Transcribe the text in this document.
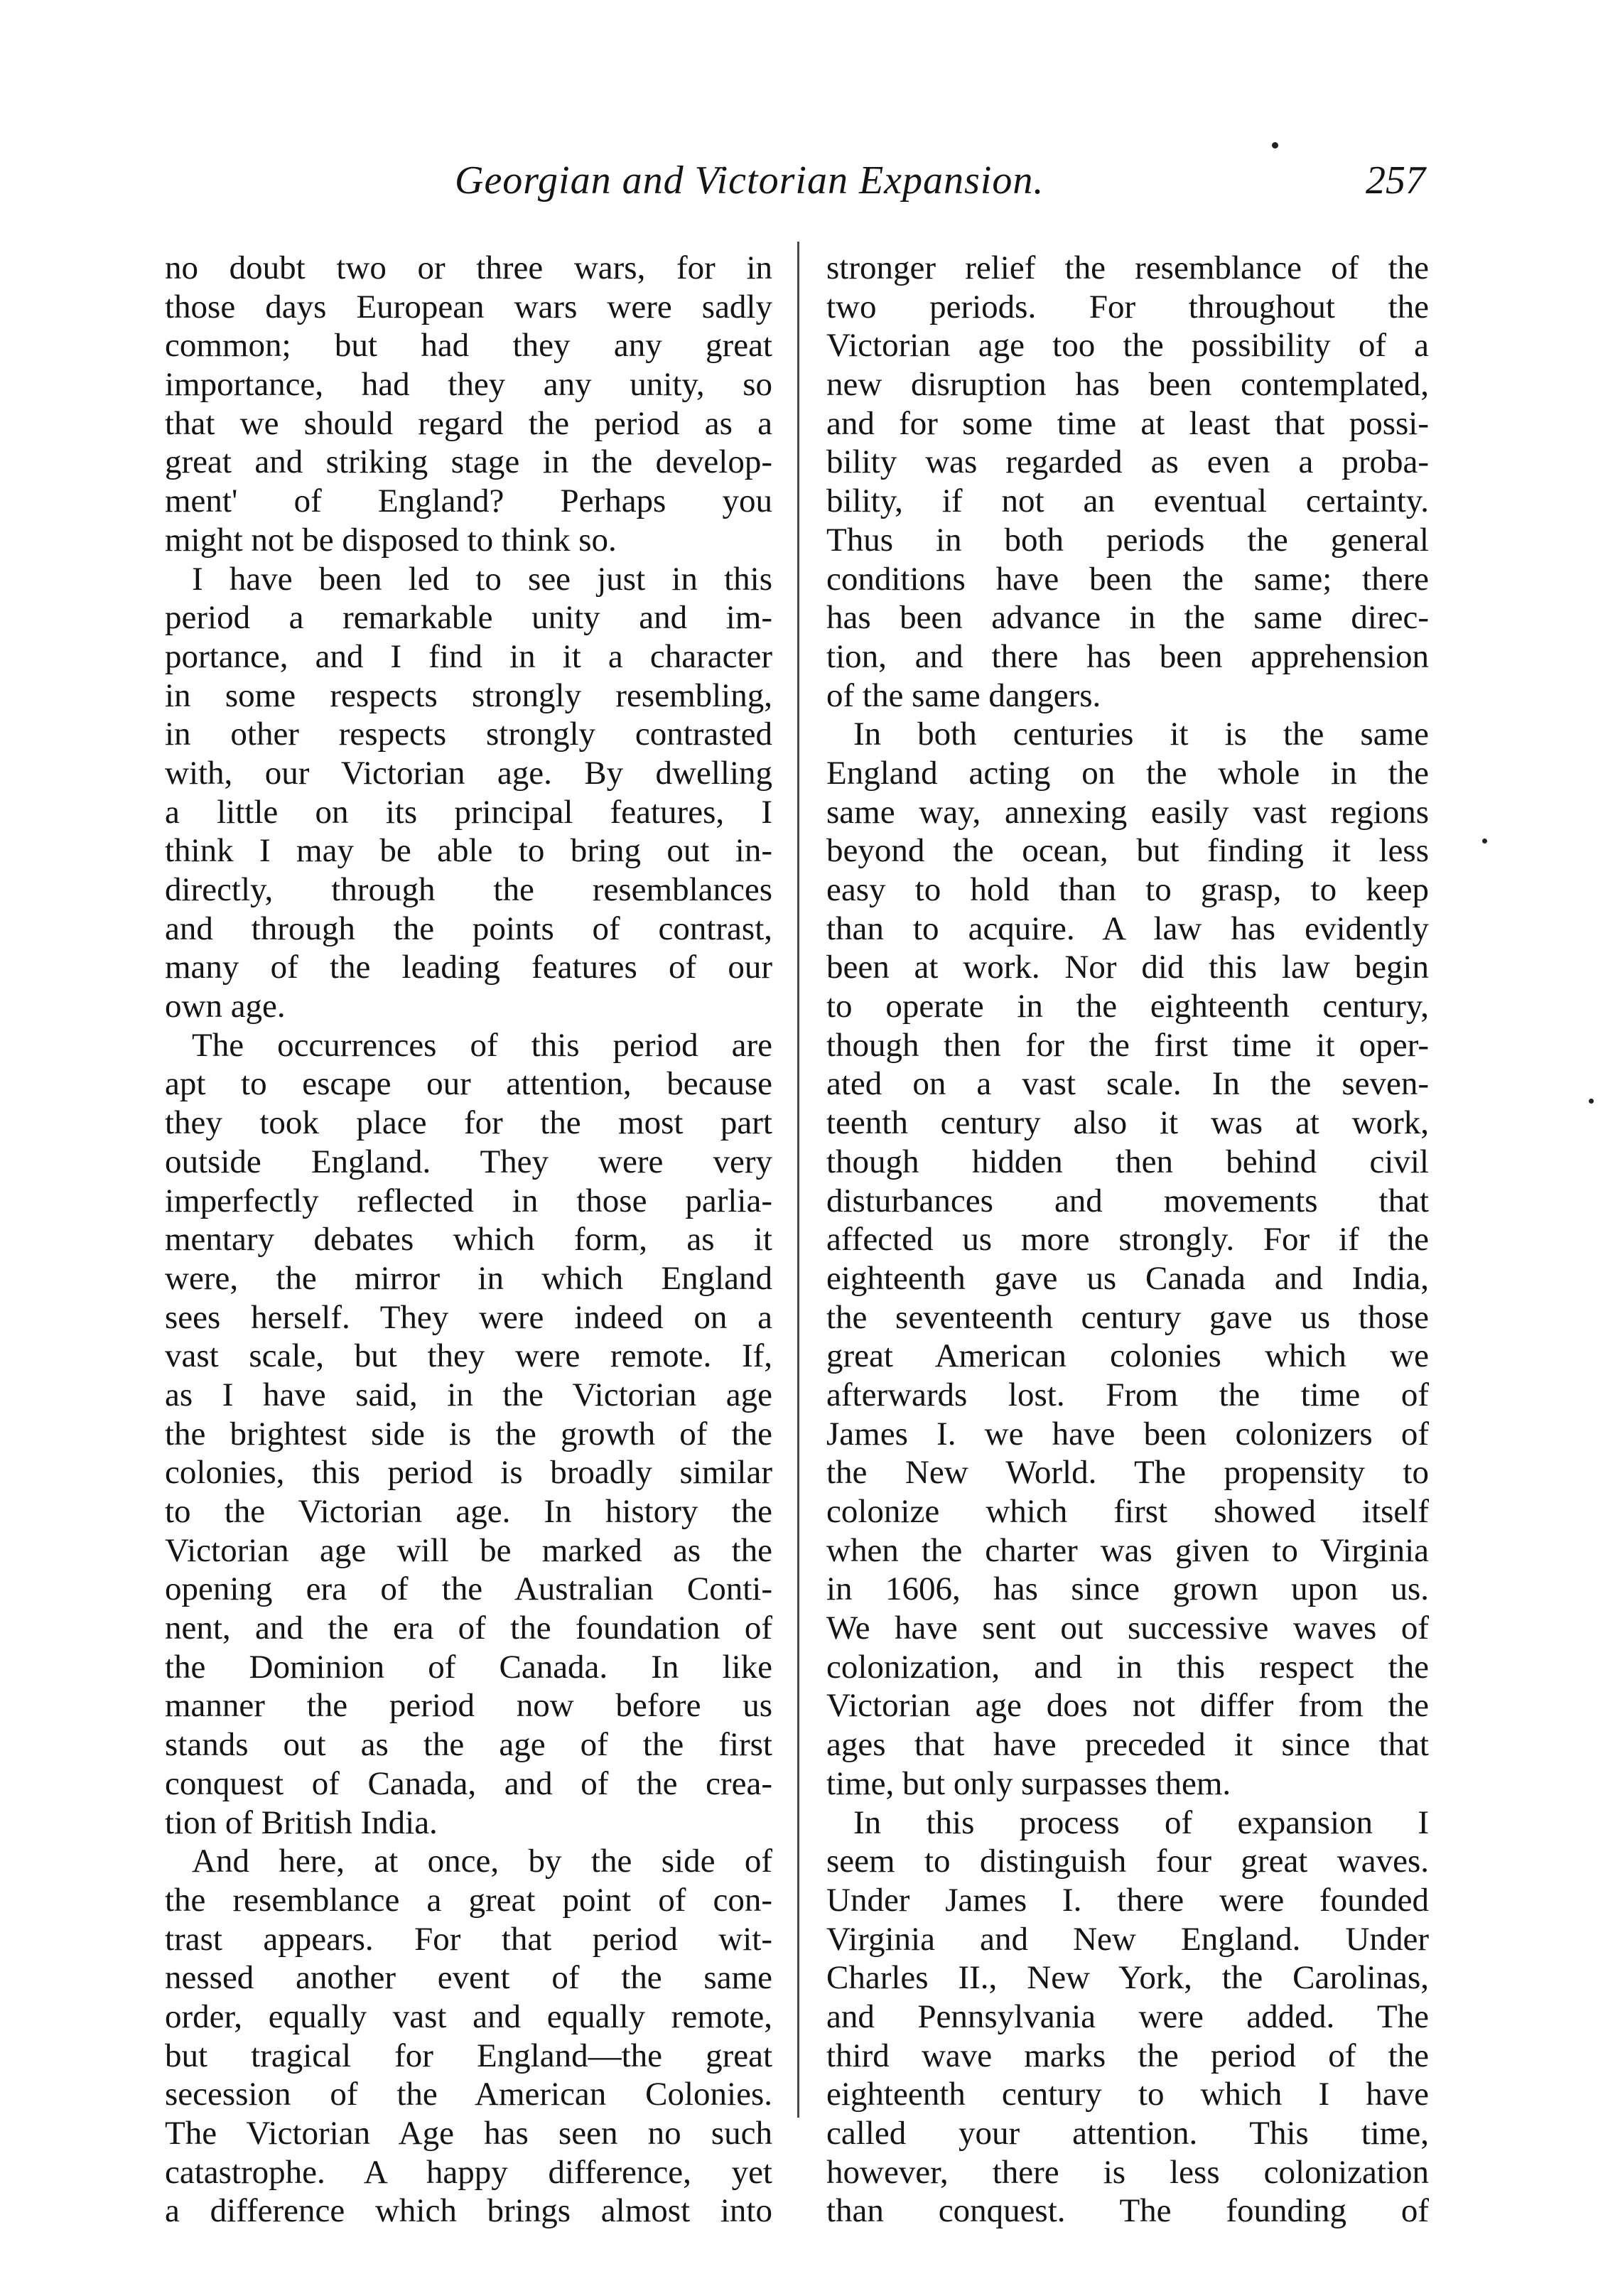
Georgian and Victorian Expansion.	257
no doubt two or three wars, for in
those days European wars were sadly
common; but had they any great
importance, had they any unity, so
that we should regard the period as a
great and striking stage in the develop-
ment' of England? Perhaps you
might not be disposed to think so.
I have been led to see just in this
period a remarkable unity and im-
portance, and I find in it a character
in some respects strongly resembling,
in other respects strongly contrasted
with, our Victorian age. By dwelling
a little on its principal features, I
think I may be able to bring out in-
directly, through the resemblances
and through the points of contrast,
many of the leading features of our
own age.
The occurrences of this period are
apt to escape our attention, because
they took place for the most part
outside England. They were very
imperfectly reflected in those parlia-
mentary debates which form, as it
were, the mirror in which England
sees herself. They were indeed on a
vast scale, but they were remote. If,
as I have said, in the Victorian age
the brightest side is the growth of the
colonies, this period is broadly similar
to the Victorian age. In history the
Victorian age will be marked as the
opening era of the Australian Conti-
nent, and the era of the foundation of
the Dominion of Canada. In like
manner the period now before us
stands out as the age of the first
conquest of Canada, and of the crea-
tion of British India.
And here, at once, by the side of
the resemblance a great point of con-
trast appears. For that period wit-
nessed another event of the same
order, equally vast and equally remote,
but tragical for England—the great
secession of the American Colonies.
The Victorian Age has seen no such
catastrophe. A happy difference, yet
a difference which brings almost into
stronger relief the resemblance of the
two periods. For throughout the
Victorian age too the possibility of a
new disruption has been contemplated,
and for some time at least that possi-
bility was regarded as even a proba-
bility, if not an eventual certainty.
Thus in both periods the general
conditions have been the same; there
has been advance in the same direc-
tion, and there has been apprehension
of the same dangers.
In both centuries it is the same
England acting on the whole in the
same way, annexing easily vast regions
beyond the ocean, but finding it less
easy to hold than to grasp, to keep
than to acquire. A law has evidently
been at work. Nor did this law begin
to operate in the eighteenth century,
though then for the first time it oper-
ated on a vast scale. In the seven-
teenth century also it was at work,
though hidden then behind civil
disturbances and movements that
affected us more strongly. For if the
eighteenth gave us Canada and India,
the seventeenth century gave us those
great American colonies which we
afterwards lost. From the time of
James I. we have been colonizers of
the New World. The propensity to
colonize which first showed itself
when the charter was given to Virginia
in 1606, has since grown upon us.
We have sent out successive waves of
colonization, and in this respect the
Victorian age does not differ from the
ages that have preceded it since that
time, but only surpasses them.
In this process of expansion I
seem to distinguish four great waves.
Under James I. there were founded
Virginia and New England. Under
Charles II., New York, the Carolinas,
and Pennsylvania were added. The
third wave marks the period of the
eighteenth century to which I have
called your attention. This time,
however, there is less colonization
than conquest. The founding of
